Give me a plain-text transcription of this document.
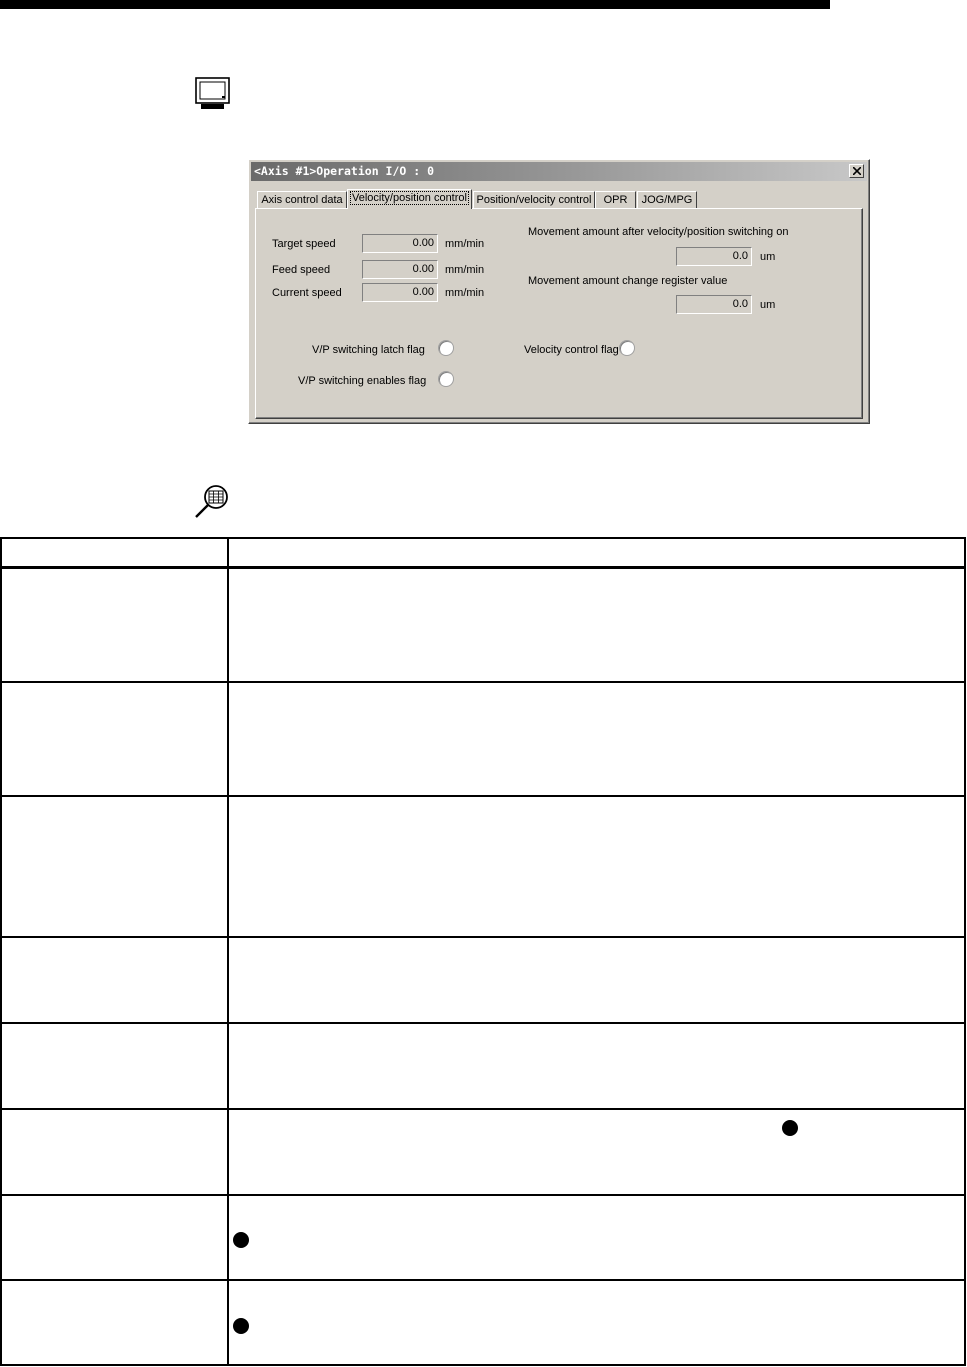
<Axis #1>Operation I/O : 0
Axis control data Velocity/position control Position/velocity control	OPR	JOG/MPG
Target speed	0.00	mm/min
Feed speed	0.00	mm/min
Current speed	0.00	mm/min
Movement amount after velocity/position switching on
0.0	um
Movement amount change register value
0.0	um
V/P switching latch flag
V/P switching enables flag
Velocity control flag
